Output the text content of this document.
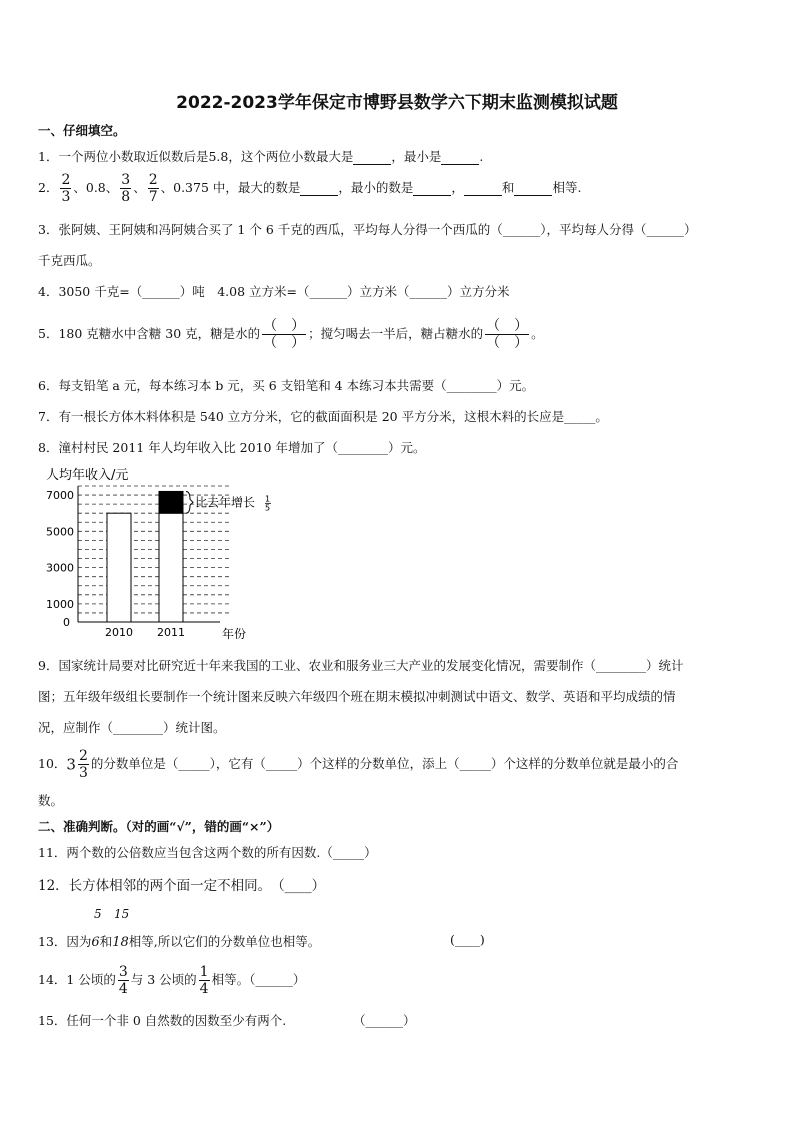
2022-2023学年保定市博野县数学六下期末监测模拟试题
一、仔细填空。
1．一个两位小数取近似数后是5.8，这个两位小数最大是	，最小是	.
2． $\frac{2}{3}$ 、0.8、 $\frac{3}{8}$ 、 $\frac{2}{7}$ 、0.375 中，最大的数是	，最小的数是	，	和	相等.
3．张阿姨、王阿姨和冯阿姨合买了 1 个 6 千克的西瓜，平均每人分得一个西瓜的（______），平均每人分得（______）
千克西瓜。
4．3050 千克=（______）吨　4.08 立方米=（______）立方米（______）立方分米
5．180 克糖水中含糖 30 克，糖是水的 $\frac{( )}{( )}$ ；搅匀喝去一半后，糖占糖水的 $\frac{( )}{( )}$ 。
6．每支铅笔 a 元，每本练习本 b 元，买 6 支铅笔和 4 本练习本共需要（________）元。
7．有一根长方体木料体积是 540 立方分米，它的截面面积是 20 平方分米，这根木料的长应是_____。
8．潼村村民 2011 年人均年收入比 2010 年增加了（________）元。
人均年收入/元
年份
0
1000
3000
5000
7000
2010 2011
比去年增长 1
5
9．国家统计局要对比研究近十年来我国的工业、农业和服务业三大产业的发展变化情况，需要制作（________）统计
图；五年级年级组长要制作一个统计图来反映六年级四个班在期末模拟冲刺测试中语文、数学、英语和平均成绩的情
况，应制作（________）统计图。
10．$3 \frac{2}{3}$ 的分数单位是（_____），它有（_____）个这样的分数单位，添上（_____）个这样的分数单位就是最小的合
数。
二、准确判断。（对的画“√”，错的画“×”）
11．两个数的公倍数应当包含这两个数的所有因数.（_____）
12．长方体相邻的两个面一定不相同。　（____）
5 15
13．因为6和18相等,所以它们的分数单位也相等。	(____)
14．1 公顷的 $\frac{3}{4}$ 与 3 公顷的 $\frac{1}{4}$ 相等。（______）
15．任何一个非 0 自然数的因数至少有两个.	（______）
